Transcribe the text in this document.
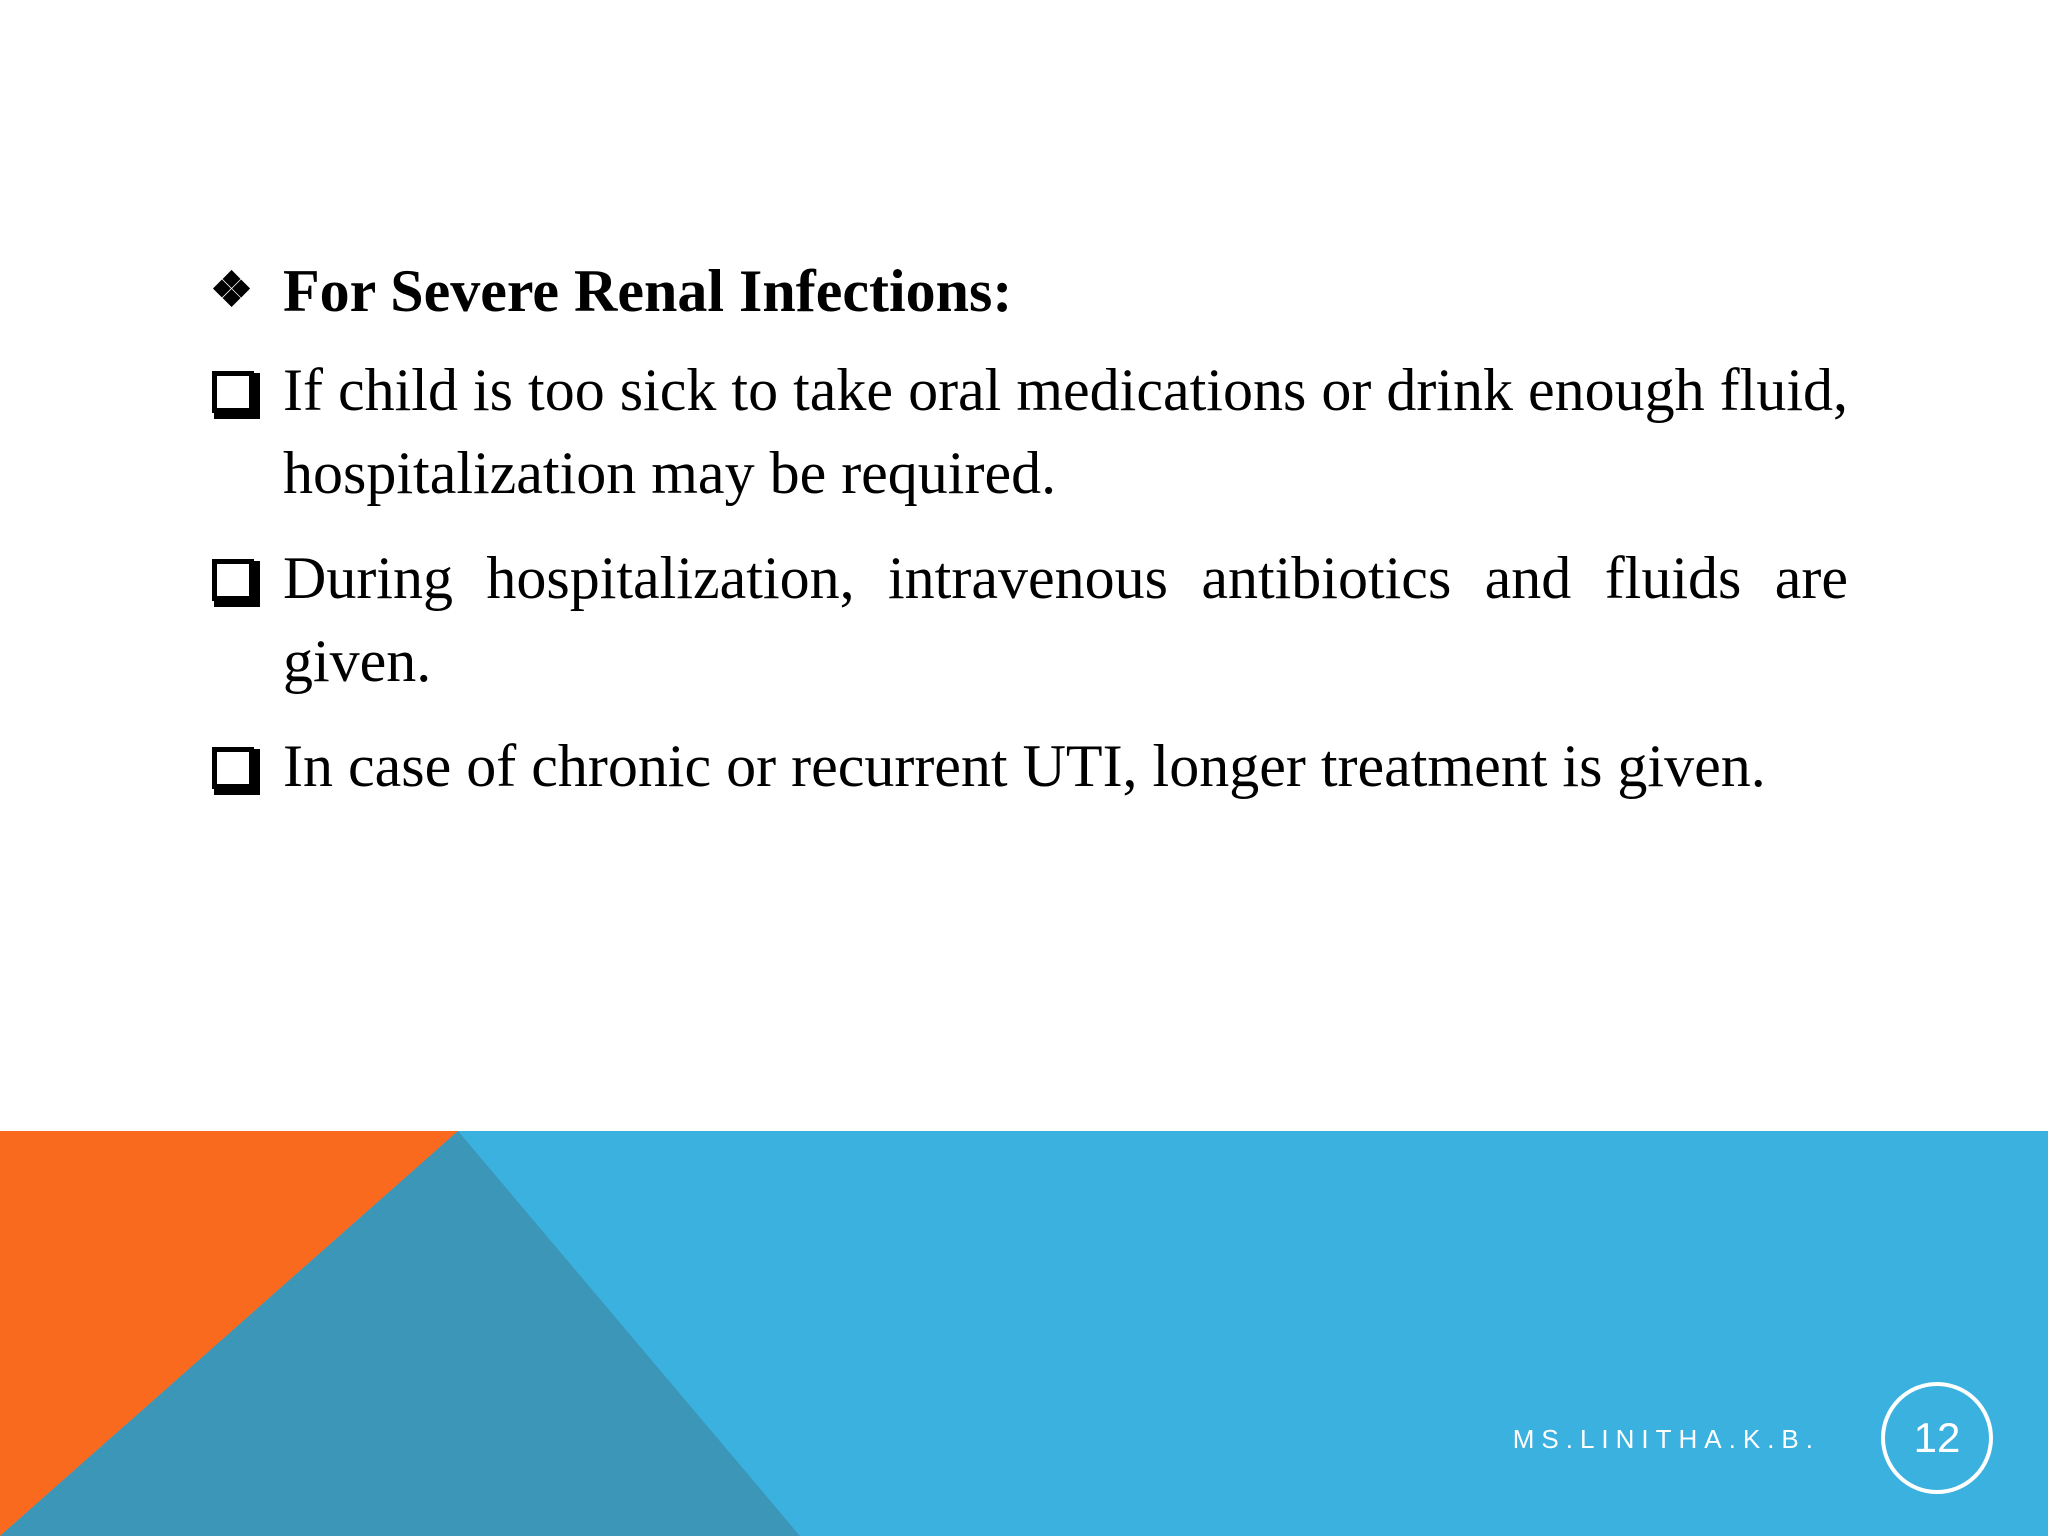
❖ For Severe Renal Infections:
If child is too sick to take oral medications or drink enough fluid, hospitalization may be required.
During hospitalization, intravenous antibiotics and fluids are given.
In case of chronic or recurrent UTI, longer treatment is given.
MS.LINITHA.K.B. 12
